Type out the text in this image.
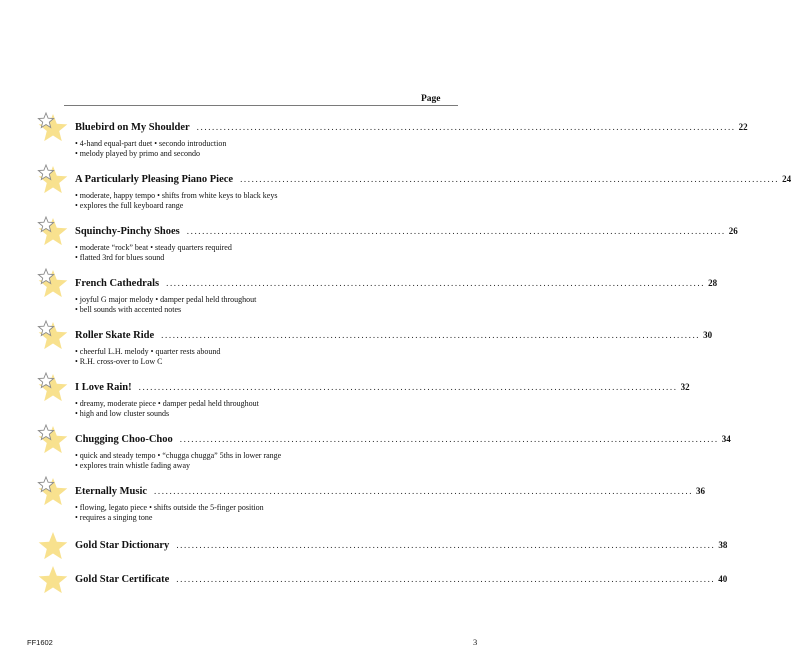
Page
Bluebird on My Shoulder ............................................................................................................................................ 22
• 4-hand equal-part duet • secondo introduction
• melody played by primo and secondo
A Particularly Pleasing Piano Piece ............................................................................................................................................ 24
• moderate, happy tempo • shifts from white keys to black keys
• explores the full keyboard range
Squinchy-Pinchy Shoes ............................................................................................................................................ 26
• moderate “rock” beat • steady quarters required
• flatted 3rd for blues sound
French Cathedrals ............................................................................................................................................ 28
• joyful G major melody • damper pedal held throughout
• bell sounds with accented notes
Roller Skate Ride ............................................................................................................................................ 30
• cheerful L.H. melody • quarter rests abound
• R.H. cross-over to Low C
I Love Rain! ............................................................................................................................................ 32
• dreamy, moderate piece • damper pedal held throughout
• high and low cluster sounds
Chugging Choo-Choo ............................................................................................................................................ 34
• quick and steady tempo • “chugga chugga” 5ths in lower range
• explores train whistle fading away
Eternally Music ............................................................................................................................................ 36
• flowing, legato piece • shifts outside the 5-finger position
• requires a singing tone
Gold Star Dictionary ............................................................................................................................................ 38
Gold Star Certificate ............................................................................................................................................ 40
FF1602	3
